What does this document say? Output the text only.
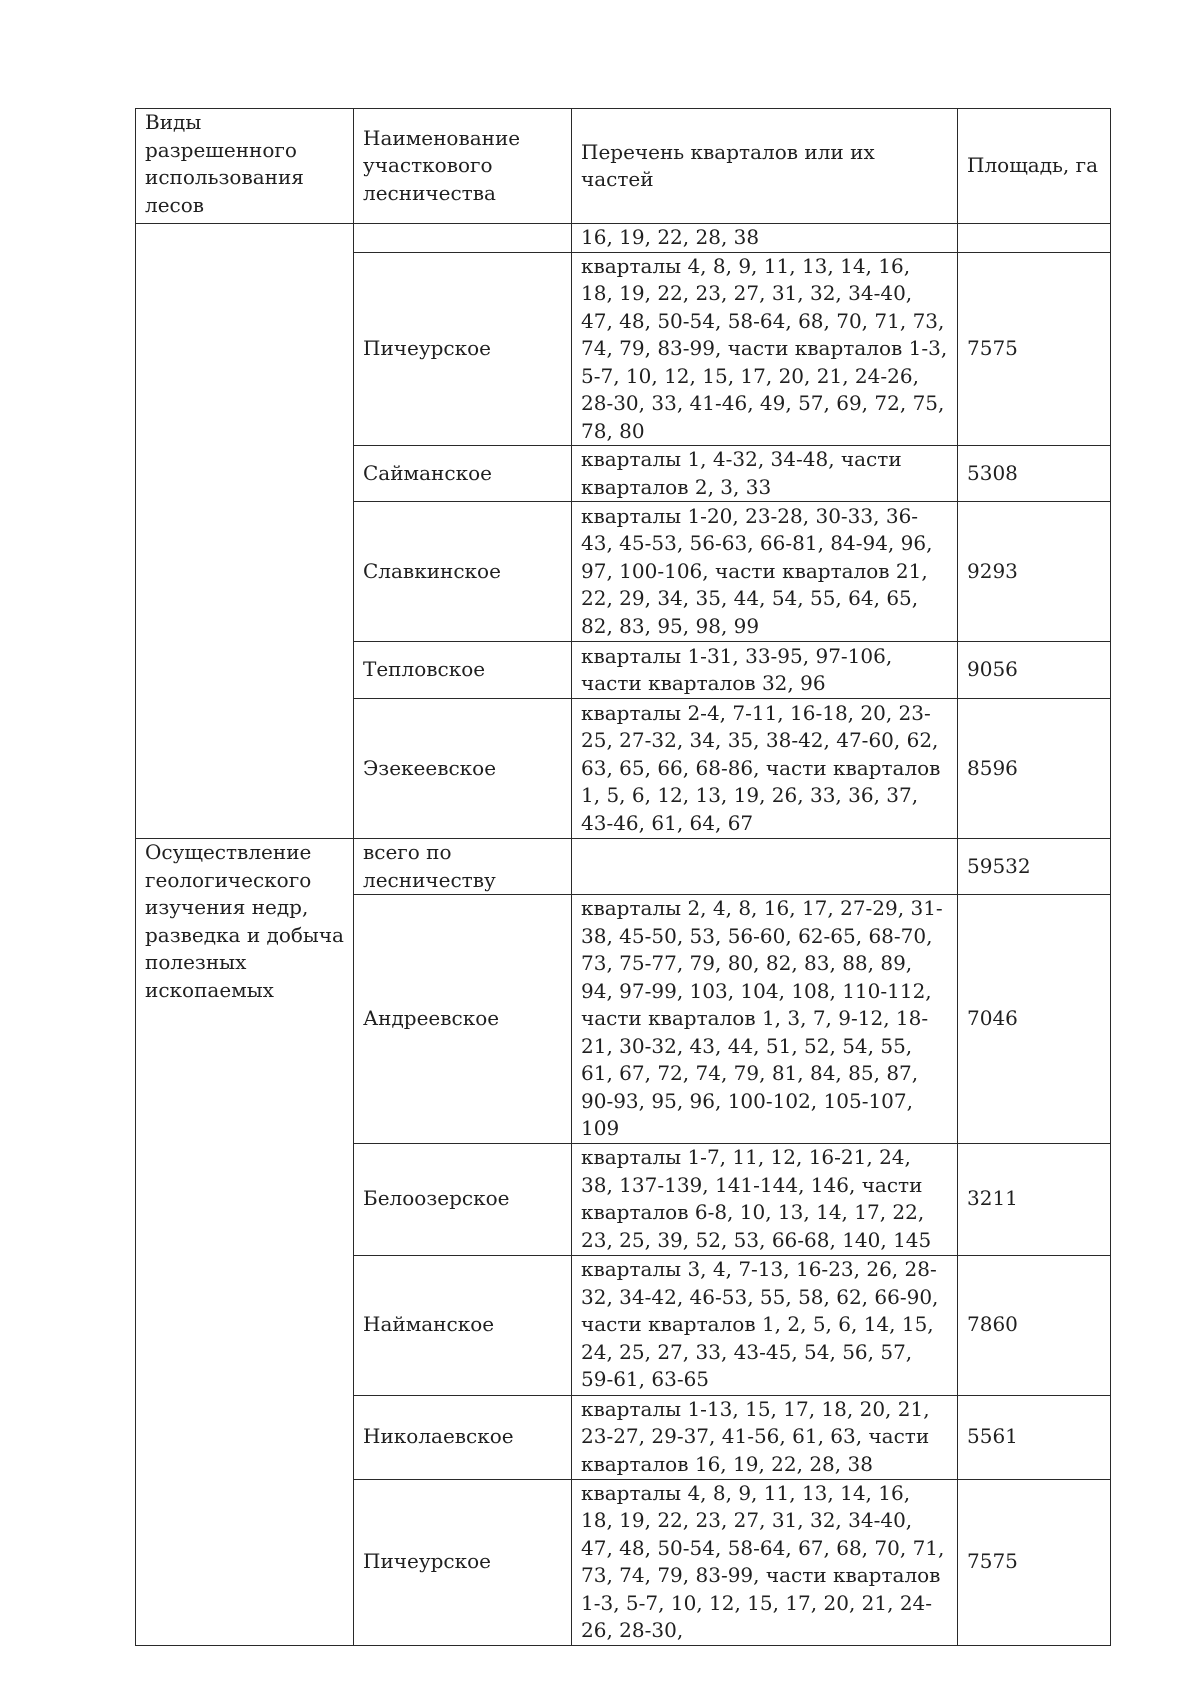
Виды разрешенного использования лесов	Наименование участкового лесничества	Перечень кварталов или их частей	Площадь, га
		16, 19, 22, 28, 38	
	Пичеурское	кварталы 4, 8, 9, 11, 13, 14, 16, 18, 19, 22, 23, 27, 31, 32, 34-40, 47, 48, 50-54, 58-64, 68, 70, 71, 73, 74, 79, 83-99, части кварталов 1-3, 5-7, 10, 12, 15, 17, 20, 21, 24-26, 28-30, 33, 41-46, 49, 57, 69, 72, 75, 78, 80	7575
	Сайманское	кварталы 1, 4-32, 34-48, части кварталов 2, 3, 33	5308
	Славкинское	кварталы 1-20, 23-28, 30-33, 36-43, 45-53, 56-63, 66-81, 84-94, 96, 97, 100-106, части кварталов 21, 22, 29, 34, 35, 44, 54, 55, 64, 65, 82, 83, 95, 98, 99	9293
	Тепловское	кварталы 1-31, 33-95, 97-106, части кварталов 32, 96	9056
	Эзекеевское	кварталы 2-4, 7-11, 16-18, 20, 23-25, 27-32, 34, 35, 38-42, 47-60, 62, 63, 65, 66, 68-86, части кварталов 1, 5, 6, 12, 13, 19, 26, 33, 36, 37, 43-46, 61, 64, 67	8596
Осуществление геологического изучения недр, разведка и добыча полезных ископаемых	всего по лесничеству		59532
	Андреевское	кварталы 2, 4, 8, 16, 17, 27-29, 31-38, 45-50, 53, 56-60, 62-65, 68-70, 73, 75-77, 79, 80, 82, 83, 88, 89, 94, 97-99, 103, 104, 108, 110-112, части кварталов 1, 3, 7, 9-12, 18-21, 30-32, 43, 44, 51, 52, 54, 55, 61, 67, 72, 74, 79, 81, 84, 85, 87, 90-93, 95, 96, 100-102, 105-107, 109	7046
	Белоозерское	кварталы 1-7, 11, 12, 16-21, 24, 38, 137-139, 141-144, 146, части кварталов 6-8, 10, 13, 14, 17, 22, 23, 25, 39, 52, 53, 66-68, 140, 145	3211
	Найманское	кварталы 3, 4, 7-13, 16-23, 26, 28-32, 34-42, 46-53, 55, 58, 62, 66-90, части кварталов 1, 2, 5, 6, 14, 15, 24, 25, 27, 33, 43-45, 54, 56, 57, 59-61, 63-65	7860
	Николаевское	кварталы 1-13, 15, 17, 18, 20, 21, 23-27, 29-37, 41-56, 61, 63, части кварталов 16, 19, 22, 28, 38	5561
	Пичеурское	кварталы 4, 8, 9, 11, 13, 14, 16, 18, 19, 22, 23, 27, 31, 32, 34-40, 47, 48, 50-54, 58-64, 67, 68, 70, 71, 73, 74, 79, 83-99, части кварталов 1-3, 5-7, 10, 12, 15, 17, 20, 21, 24-26, 28-30,	7575
